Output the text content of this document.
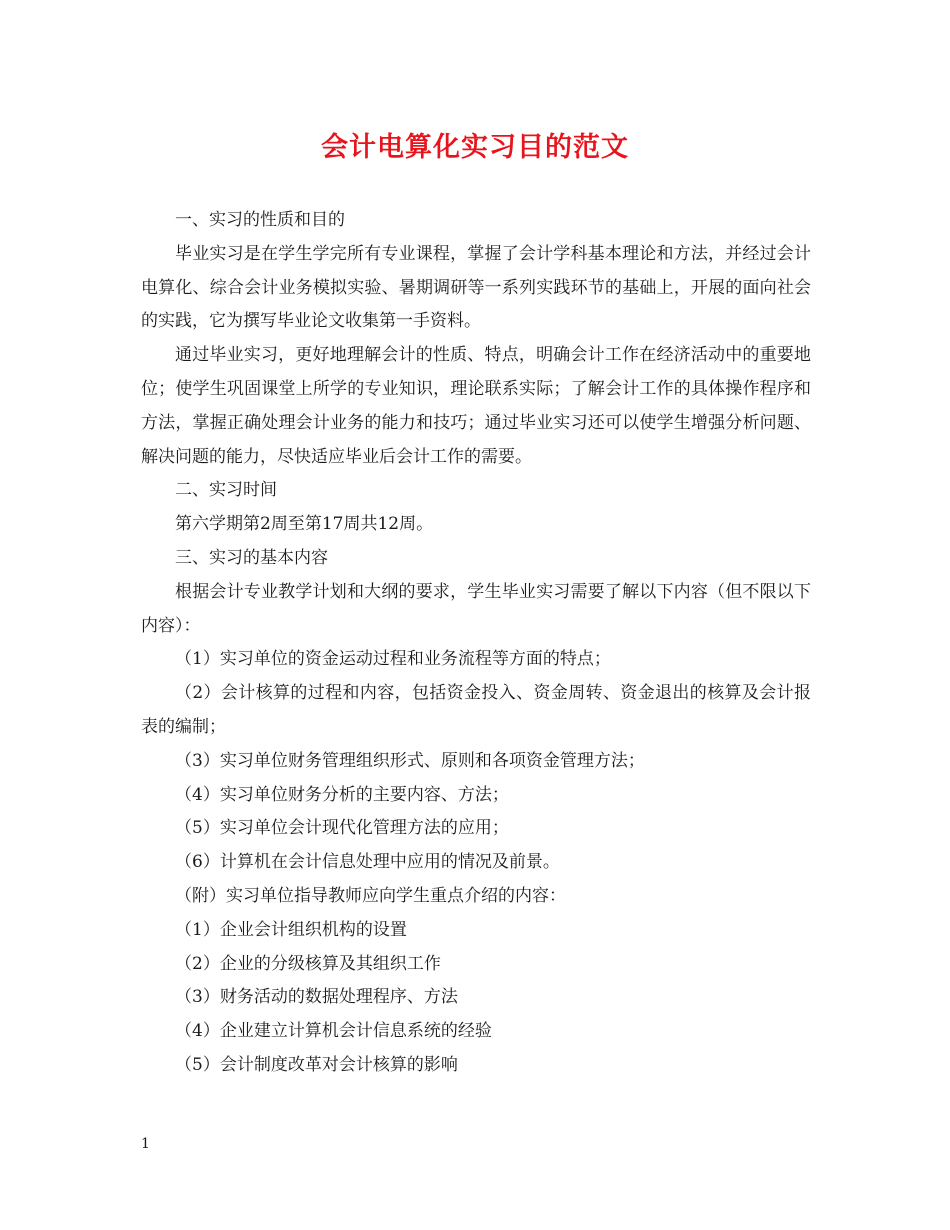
会计电算化实习目的范文

一、实习的性质和目的

毕业实习是在学生学完所有专业课程，掌握了会计学科基本理论和方法，并经过会计电算化、综合会计业务模拟实验、暑期调研等一系列实践环节的基础上，开展的面向社会的实践，它为撰写毕业论文收集第一手资料。

通过毕业实习，更好地理解会计的性质、特点，明确会计工作在经济活动中的重要地位；使学生巩固课堂上所学的专业知识，理论联系实际；了解会计工作的具体操作程序和方法，掌握正确处理会计业务的能力和技巧；通过毕业实习还可以使学生增强分析问题、解决问题的能力，尽快适应毕业后会计工作的需要。

二、实习时间

第六学期第2周至第17周共12周。

三、实习的基本内容

根据会计专业教学计划和大纲的要求，学生毕业实习需要了解以下内容（但不限以下内容）：

（1）实习单位的资金运动过程和业务流程等方面的特点；

（2）会计核算的过程和内容，包括资金投入、资金周转、资金退出的核算及会计报表的编制；

（3）实习单位财务管理组织形式、原则和各项资金管理方法；

（4）实习单位财务分析的主要内容、方法；

（5）实习单位会计现代化管理方法的应用；

（6）计算机在会计信息处理中应用的情况及前景。

（附）实习单位指导教师应向学生重点介绍的内容：

（1）企业会计组织机构的设置

（2）企业的分级核算及其组织工作

（3）财务活动的数据处理程序、方法

（4）企业建立计算机会计信息系统的经验

（5）会计制度改革对会计核算的影响

1
